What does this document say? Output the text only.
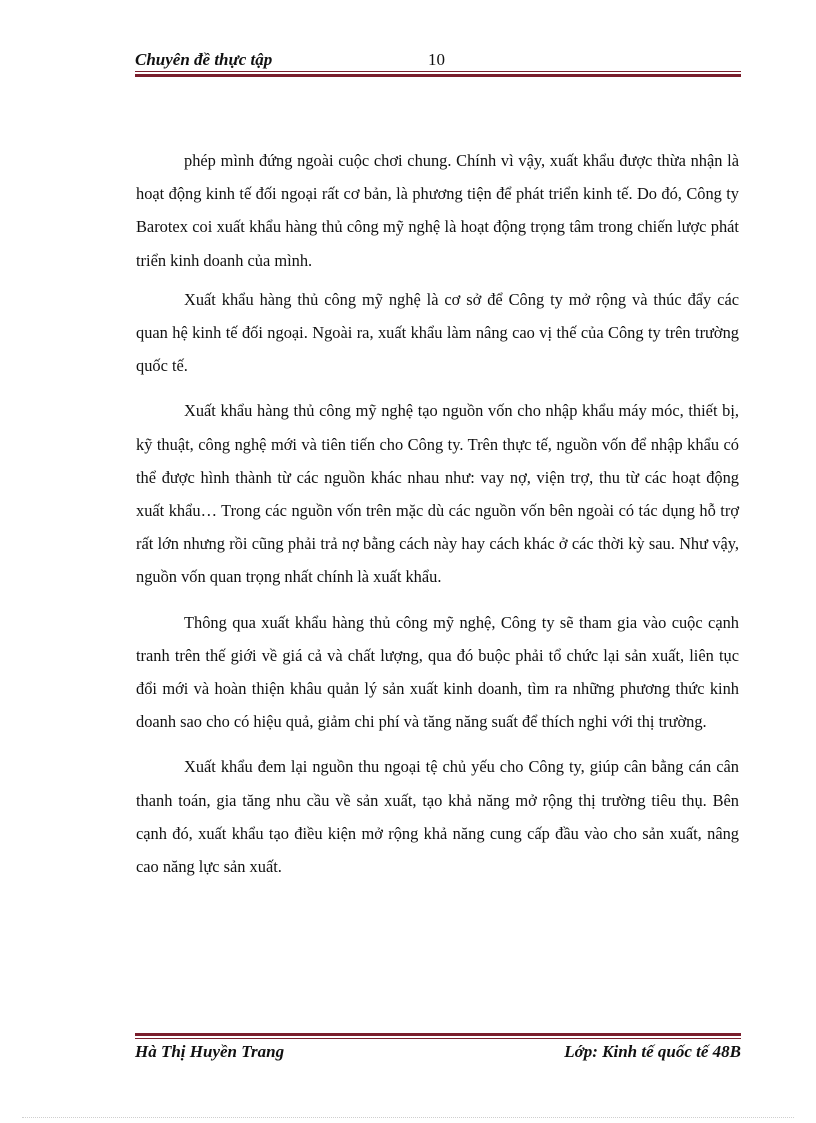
Chuyên đề thực tập	10

phép mình đứng ngoài cuộc chơi chung. Chính vì vậy, xuất khẩu được thừa nhận là hoạt động kinh tế đối ngoại rất cơ bản, là phương tiện để phát triển kinh tế. Do đó, Công ty Barotex coi xuất khẩu hàng thủ công mỹ nghệ là hoạt động trọng tâm trong chiến lược phát triển kinh doanh của mình.

Xuất khẩu hàng thủ công mỹ nghệ là cơ sở để Công ty mở rộng và thúc đẩy các quan hệ kinh tế đối ngoại. Ngoài ra, xuất khẩu làm nâng cao vị thế của Công ty trên trường quốc tế.

Xuất khẩu hàng thủ công mỹ nghệ tạo nguồn vốn cho nhập khẩu máy móc, thiết bị, kỹ thuật, công nghệ mới và tiên tiến cho Công ty. Trên thực tế, nguồn vốn để nhập khẩu có thể được hình thành từ các nguồn khác nhau như: vay nợ, viện trợ, thu từ các hoạt động xuất khẩu… Trong các nguồn vốn trên mặc dù các nguồn vốn bên ngoài có tác dụng hỗ trợ rất lớn nhưng rồi cũng phải trả nợ bằng cách này hay cách khác ở các thời kỳ sau. Như vậy, nguồn vốn quan trọng nhất chính là xuất khẩu.

Thông qua xuất khẩu hàng thủ công mỹ nghệ, Công ty sẽ tham gia vào cuộc cạnh tranh trên thế giới về giá cả và chất lượng, qua đó buộc phải tổ chức lại sản xuất, liên tục đổi mới và hoàn thiện khâu quản lý sản xuất kinh doanh, tìm ra những phương thức kinh doanh sao cho có hiệu quả, giảm chi phí và tăng năng suất để thích nghi với thị trường.

Xuất khẩu đem lại nguồn thu ngoại tệ chủ yếu cho Công ty, giúp cân bằng cán cân thanh toán, gia tăng nhu cầu về sản xuất, tạo khả năng mở rộng thị trường tiêu thụ. Bên cạnh đó, xuất khẩu tạo điều kiện mở rộng khả năng cung cấp đầu vào cho sản xuất, nâng cao năng lực sản xuất.

Hà Thị Huyền Trang	Lớp: Kinh tế quốc tế 48B
